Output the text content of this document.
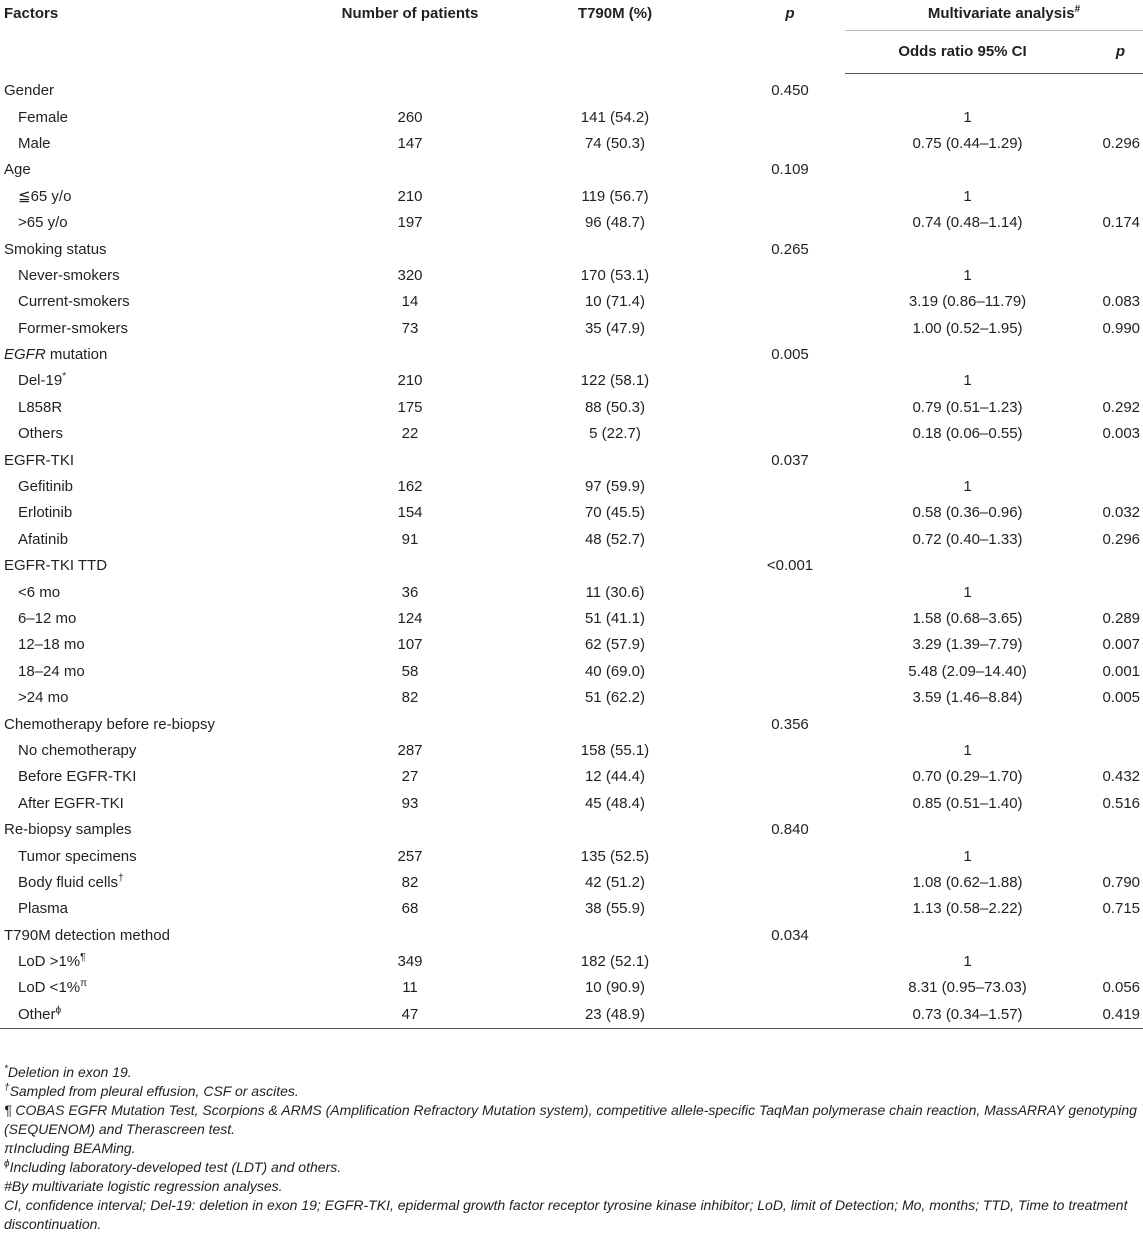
Factors	Number of patients	T790M (%)	p	Multivariate analysis#
				Odds ratio 95% CI	p
Gender			0.450		
Female	260	141 (54.2)		1	
Male	147	74 (50.3)		0.75 (0.44–1.29)	0.296
Age			0.109		
≦65 y/o	210	119 (56.7)		1	
>65 y/o	197	96 (48.7)		0.74 (0.48–1.14)	0.174
Smoking status			0.265		
Never-smokers	320	170 (53.1)		1	
Current-smokers	14	10 (71.4)		3.19 (0.86–11.79)	0.083
Former-smokers	73	35 (47.9)		1.00 (0.52–1.95)	0.990
EGFR mutation			0.005		
Del-19*	210	122 (58.1)		1	
L858R	175	88 (50.3)		0.79 (0.51–1.23)	0.292
Others	22	5 (22.7)		0.18 (0.06–0.55)	0.003
EGFR-TKI			0.037		
Gefitinib	162	97 (59.9)		1	
Erlotinib	154	70 (45.5)		0.58 (0.36–0.96)	0.032
Afatinib	91	48 (52.7)		0.72 (0.40–1.33)	0.296
EGFR-TKI TTD			<0.001		
<6 mo	36	11 (30.6)		1	
6–12 mo	124	51 (41.1)		1.58 (0.68–3.65)	0.289
12–18 mo	107	62 (57.9)		3.29 (1.39–7.79)	0.007
18–24 mo	58	40 (69.0)		5.48 (2.09–14.40)	0.001
>24 mo	82	51 (62.2)		3.59 (1.46–8.84)	0.005
Chemotherapy before re-biopsy			0.356		
No chemotherapy	287	158 (55.1)		1	
Before EGFR-TKI	27	12 (44.4)		0.70 (0.29–1.70)	0.432
After EGFR-TKI	93	45 (48.4)		0.85 (0.51–1.40)	0.516
Re-biopsy samples			0.840		
Tumor specimens	257	135 (52.5)		1	
Body fluid cells†	82	42 (51.2)		1.08 (0.62–1.88)	0.790
Plasma	68	38 (55.9)		1.13 (0.58–2.22)	0.715
T790M detection method			0.034		
LoD >1%¶	349	182 (52.1)		1	
LoD <1%$^\pi$	11	10 (90.9)		8.31 (0.95–73.03)	0.056
Other$^\phi$	47	23 (48.9)		0.73 (0.34–1.57)	0.419
*Deletion in exon 19.
†Sampled from pleural effusion, CSF or ascites.
¶ COBAS EGFR Mutation Test, Scorpions & ARMS (Amplification Refractory Mutation system), competitive allele-specific TaqMan polymerase chain reaction, MassARRAY genotyping (SEQUENOM) and Therascreen test.
πIncluding BEAMing.
$^\phi$Including laboratory-developed test (LDT) and others.
#By multivariate logistic regression analyses.
CI, confidence interval; Del-19: deletion in exon 19; EGFR-TKI, epidermal growth factor receptor tyrosine kinase inhibitor; LoD, limit of Detection; Mo, months; TTD, Time to treatment discontinuation.
